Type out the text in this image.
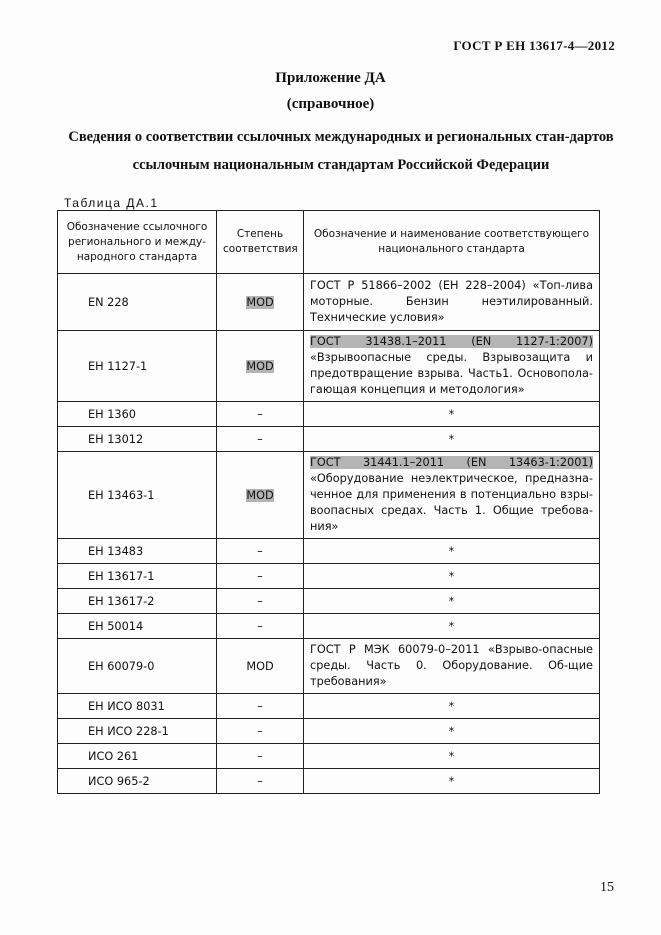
ГОСТ Р ЕН 13617-4—2012
Приложение ДА
(справочное)
Сведения о соответствии ссылочных международных и региональных стан-дартов ссылочным национальным стандартам Российской Федерации
Таблица ДА.1
Обозначение ссылочного регионального и между-народного стандарта	Степень соответствия	Обозначение и наименование соответствующего национального стандарта
EN 228	MOD	ГОСТ Р 51866–2002 (ЕН 228–2004) «Топ-лива моторные. Бензин неэтилированный. Технические условия»

ЕН 1127-1	MOD	ГОСТ 31438.1–2011 (EN 1127-1:2007) «Взрывоопасные среды. Взрывозащита и предотвращение взрыва. Часть1. Основопола-гающая концепция и методология»

ЕН 1360	–	*
ЕН 13012	–	*
ЕН 13463-1	MOD	ГОСТ 31441.1–2011 (EN 13463-1:2001) «Оборудование неэлектрическое, предназна-ченное для применения в потенциально взры-воопасных средах. Часть 1. Общие требова-ния»

ЕН 13483	–	*
ЕН 13617-1	–	*
ЕН 13617-2	–	*
ЕН 50014	–	*
ЕН 60079-0	MOD	ГОСТ Р МЭК 60079-0–2011 «Взрыво-опасные среды. Часть 0. Оборудование. Об-щие требования»

ЕН ИСО 8031	–	*
ЕН ИСО 228-1	–	*
ИСО 261	–	*
ИСО 965-2	–	*
15
